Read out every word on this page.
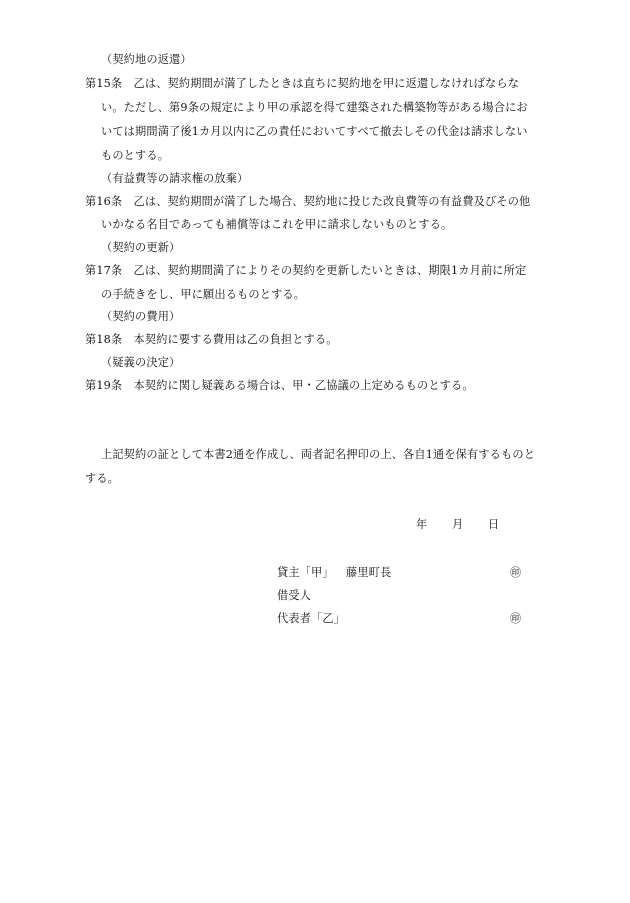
（契約地の返還）
第15条　乙は、契約期間が満了したときは直ちに契約地を甲に返還しなければならな
い。ただし、第9条の規定により甲の承認を得て建築された構築物等がある場合にお
いては期間満了後1カ月以内に乙の責任においてすべて撤去しその代金は請求しない
ものとする。
（有益費等の請求権の放棄）
第16条　乙は、契約期間が満了した場合、契約地に投じた改良費等の有益費及びその他
いかなる名目であっても補償等はこれを甲に請求しないものとする。
（契約の更新）
第17条　乙は、契約期間満了によりその契約を更新したいときは、期限1カ月前に所定
の手続きをし、甲に願出るものとする。
（契約の費用）
第18条　本契約に要する費用は乙の負担とする。
（疑義の決定）
第19条　本契約に関し疑義ある場合は、甲・乙協議の上定めるものとする。
上記契約の証として本書2通を作成し、両者記名押印の上、各自1通を保有するものと
する。
年 月 日
貸主「甲」 藤里町長	㊞
借受人
代表者「乙」	㊞
